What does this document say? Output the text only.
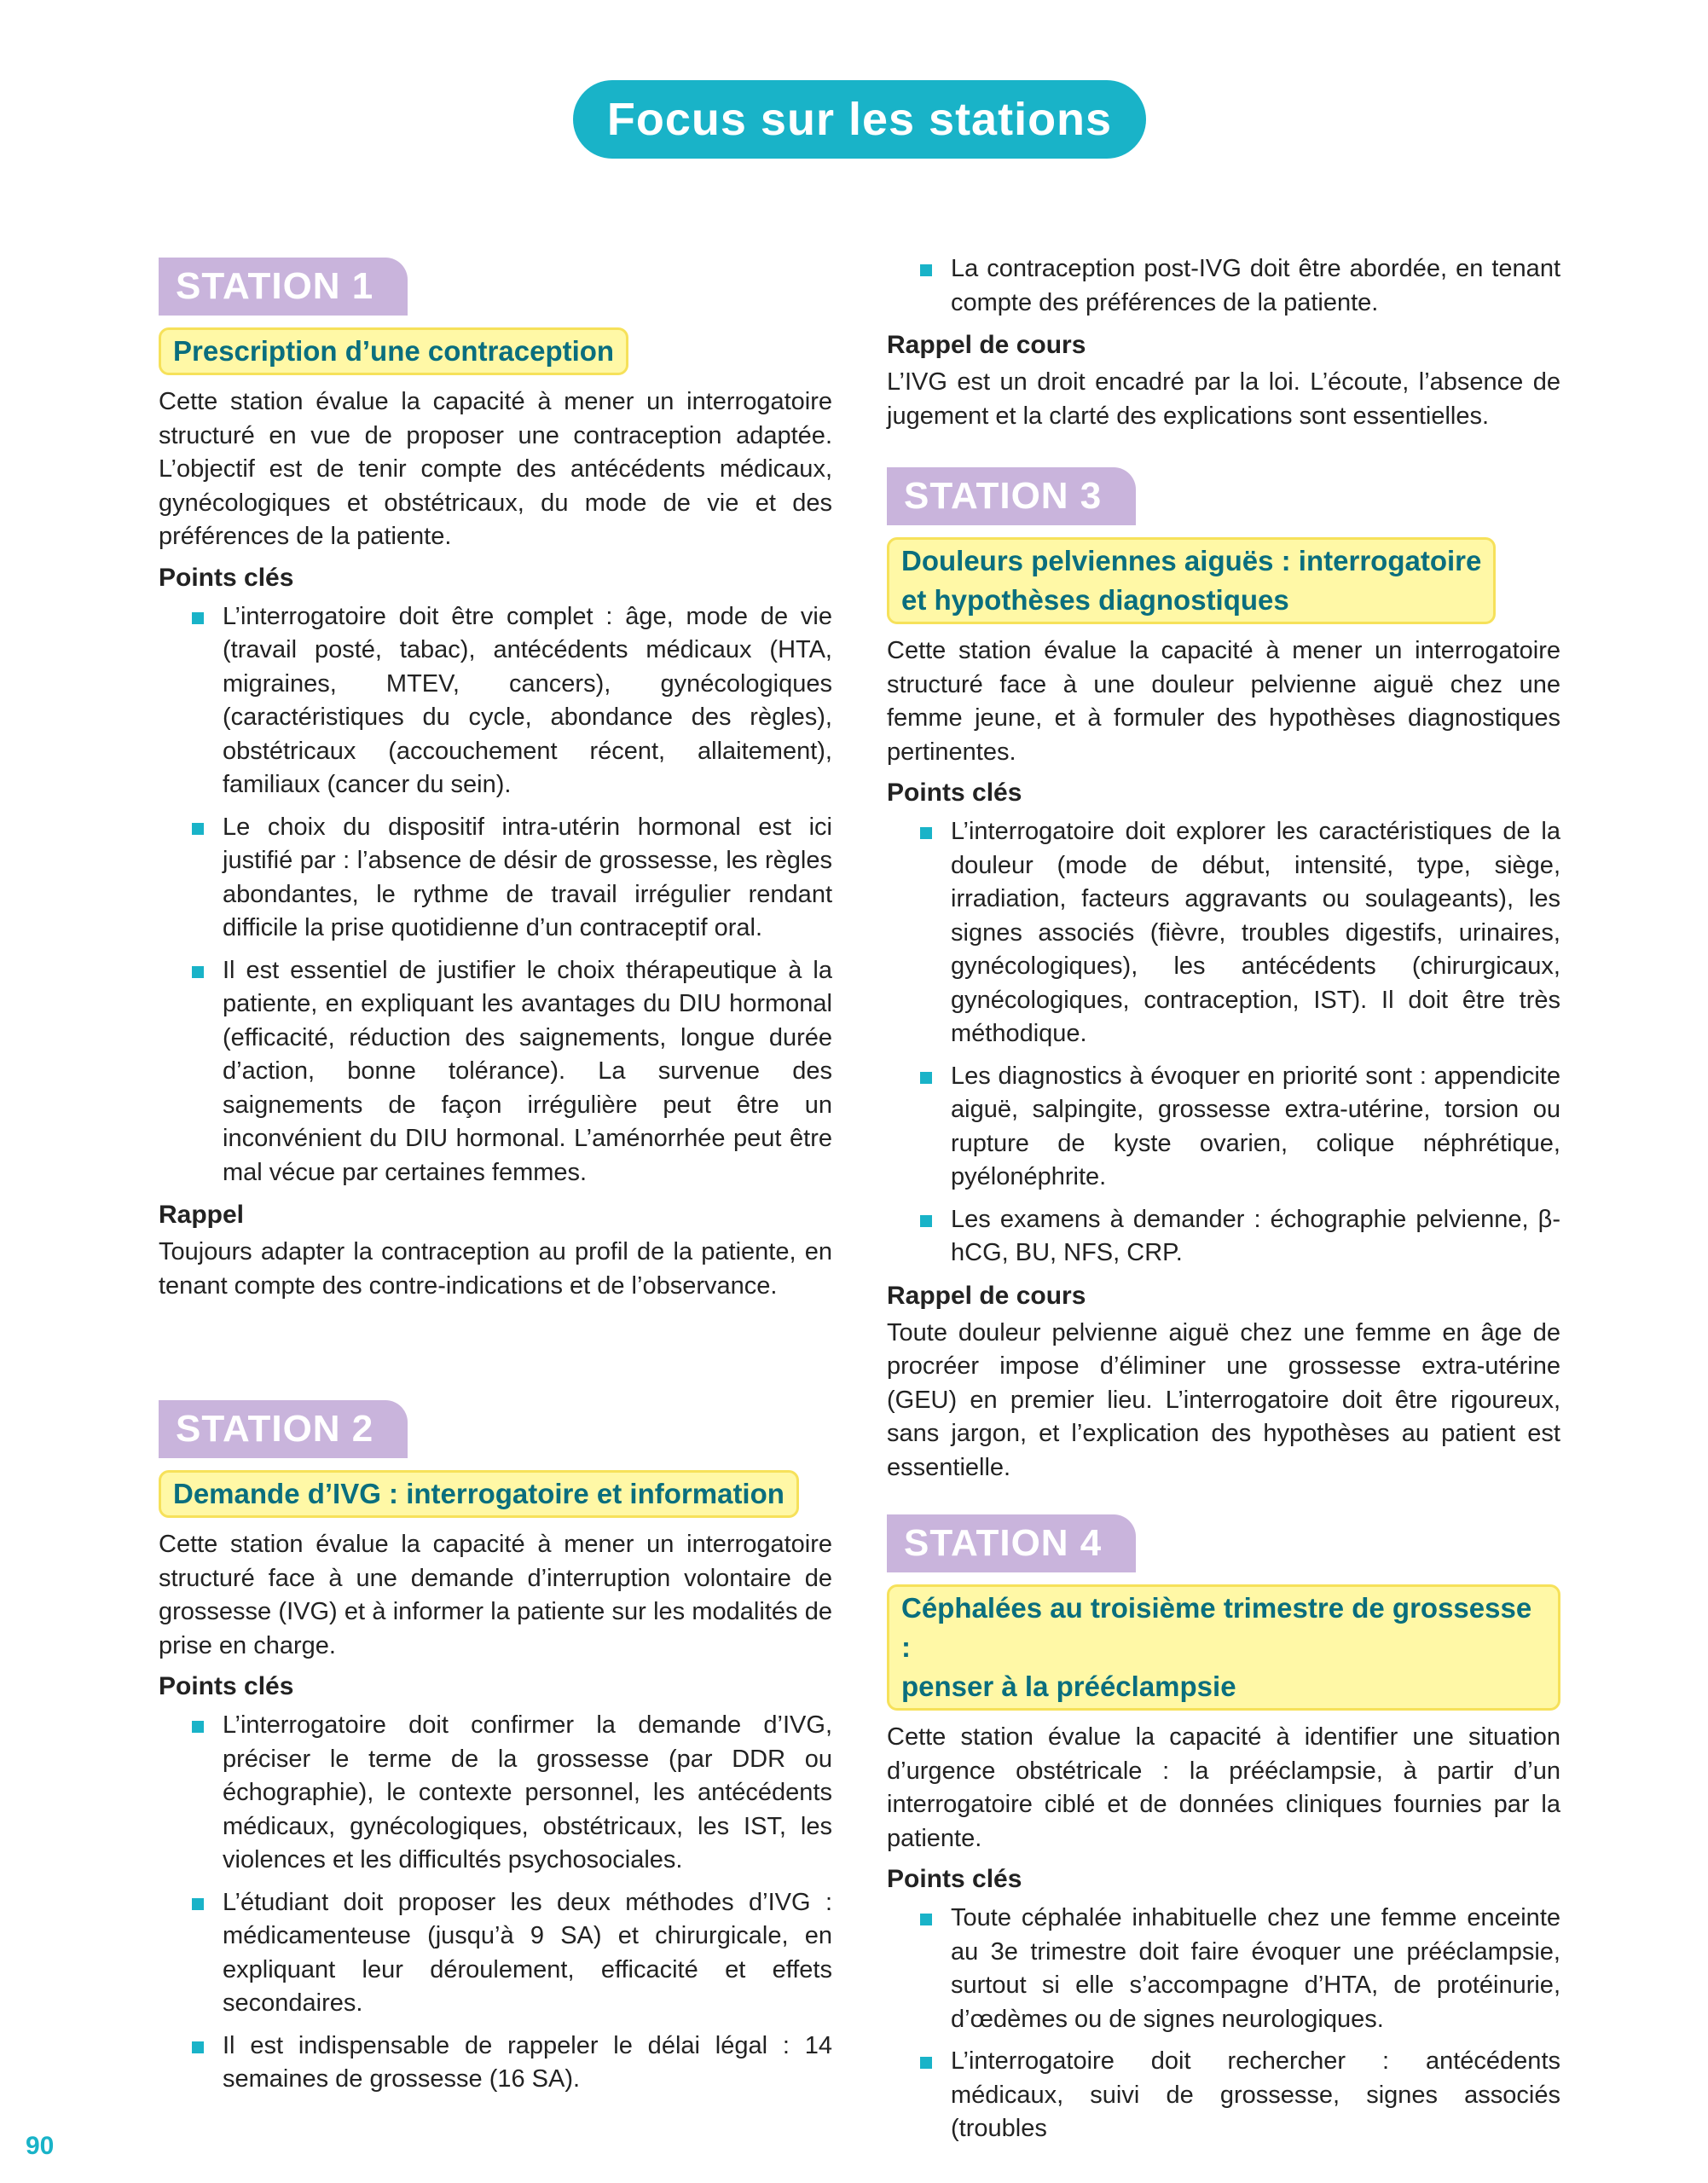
Focus sur les stations
STATION 1
Prescription d’une contraception

Cette station évalue la capacité à mener un interrogatoire structuré en vue de proposer une contraception adaptée. L’objectif est de tenir compte des antécédents médicaux, gynécologiques et obstétricaux, du mode de vie et des préférences de la patiente.

Points clés

L’interrogatoire doit être complet : âge, mode de vie (travail posté, tabac), antécédents médicaux (HTA, migraines, MTEV, cancers), gynécologiques (caractéristiques du cycle, abondance des règles), obstétricaux (accouchement récent, allaitement), familiaux (cancer du sein).
Le choix du dispositif intra-utérin hormonal est ici justifié par : l’absence de désir de grossesse, les règles abondantes, le rythme de travail irrégulier rendant difficile la prise quotidienne d’un contraceptif oral.
Il est essentiel de justifier le choix thérapeutique à la patiente, en expliquant les avantages du DIU hormonal (efficacité, réduction des saignements, longue durée d’action, bonne tolérance). La survenue des saignements de façon irrégulière peut être un inconvénient du DIU hormonal. L’aménorrhée peut être mal vécue par certaines femmes.

Rappel

Toujours adapter la contraception au profil de la patiente, en tenant compte des contre-indications et de l’observance.

STATION 2
Demande d’IVG : interrogatoire et information

Cette station évalue la capacité à mener un interrogatoire structuré face à une demande d’interruption volontaire de grossesse (IVG) et à informer la patiente sur les modalités de prise en charge.

Points clés

L’interrogatoire doit confirmer la demande d’IVG, préciser le terme de la grossesse (par DDR ou échographie), le contexte personnel, les antécédents médicaux, gynécologiques, obstétricaux, les IST, les violences et les difficultés psychosociales.
L’étudiant doit proposer les deux méthodes d’IVG : médicamenteuse (jusqu’à 9 SA) et chirurgicale, en expliquant leur déroulement, efficacité et effets secondaires.
Il est indispensable de rappeler le délai légal : 14 semaines de grossesse (16 SA).
La contraception post-IVG doit être abordée, en tenant compte des préférences de la patiente.

Rappel de cours

L’IVG est un droit encadré par la loi. L’écoute, l’absence de jugement et la clarté des explications sont essentielles.

STATION 3
Douleurs pelviennes aiguës : interrogatoire
et hypothèses diagnostiques

Cette station évalue la capacité à mener un interrogatoire structuré face à une douleur pelvienne aiguë chez une femme jeune, et à formuler des hypothèses diagnostiques pertinentes.

Points clés

L’interrogatoire doit explorer les caractéristiques de la douleur (mode de début, intensité, type, siège, irradiation, facteurs aggravants ou soulageants), les signes associés (fièvre, troubles digestifs, urinaires, gynécologiques), les antécédents (chirurgicaux, gynécologiques, contraception, IST). Il doit être très méthodique.
Les diagnostics à évoquer en priorité sont : appendicite aiguë, salpingite, grossesse extra-utérine, torsion ou rupture de kyste ovarien, colique néphrétique, pyélonéphrite.
Les examens à demander : échographie pelvienne, β-hCG, BU, NFS, CRP.

Rappel de cours

Toute douleur pelvienne aiguë chez une femme en âge de procréer impose d’éliminer une grossesse extra-utérine (GEU) en premier lieu. L’interrogatoire doit être rigoureux, sans jargon, et l’explication des hypothèses au patient est essentielle.

STATION 4
Céphalées au troisième trimestre de grossesse :
penser à la prééclampsie

Cette station évalue la capacité à identifier une situation d’urgence obstétricale : la prééclampsie, à partir d’un interrogatoire ciblé et de données cliniques fournies par la patiente.

Points clés

Toute céphalée inhabituelle chez une femme enceinte au 3e trimestre doit faire évoquer une prééclampsie, surtout si elle s’accompagne d’HTA, de protéinurie, d’œdèmes ou de signes neurologiques.
L’interrogatoire doit rechercher : antécédents médicaux, suivi de grossesse, signes associés (troubles
90
